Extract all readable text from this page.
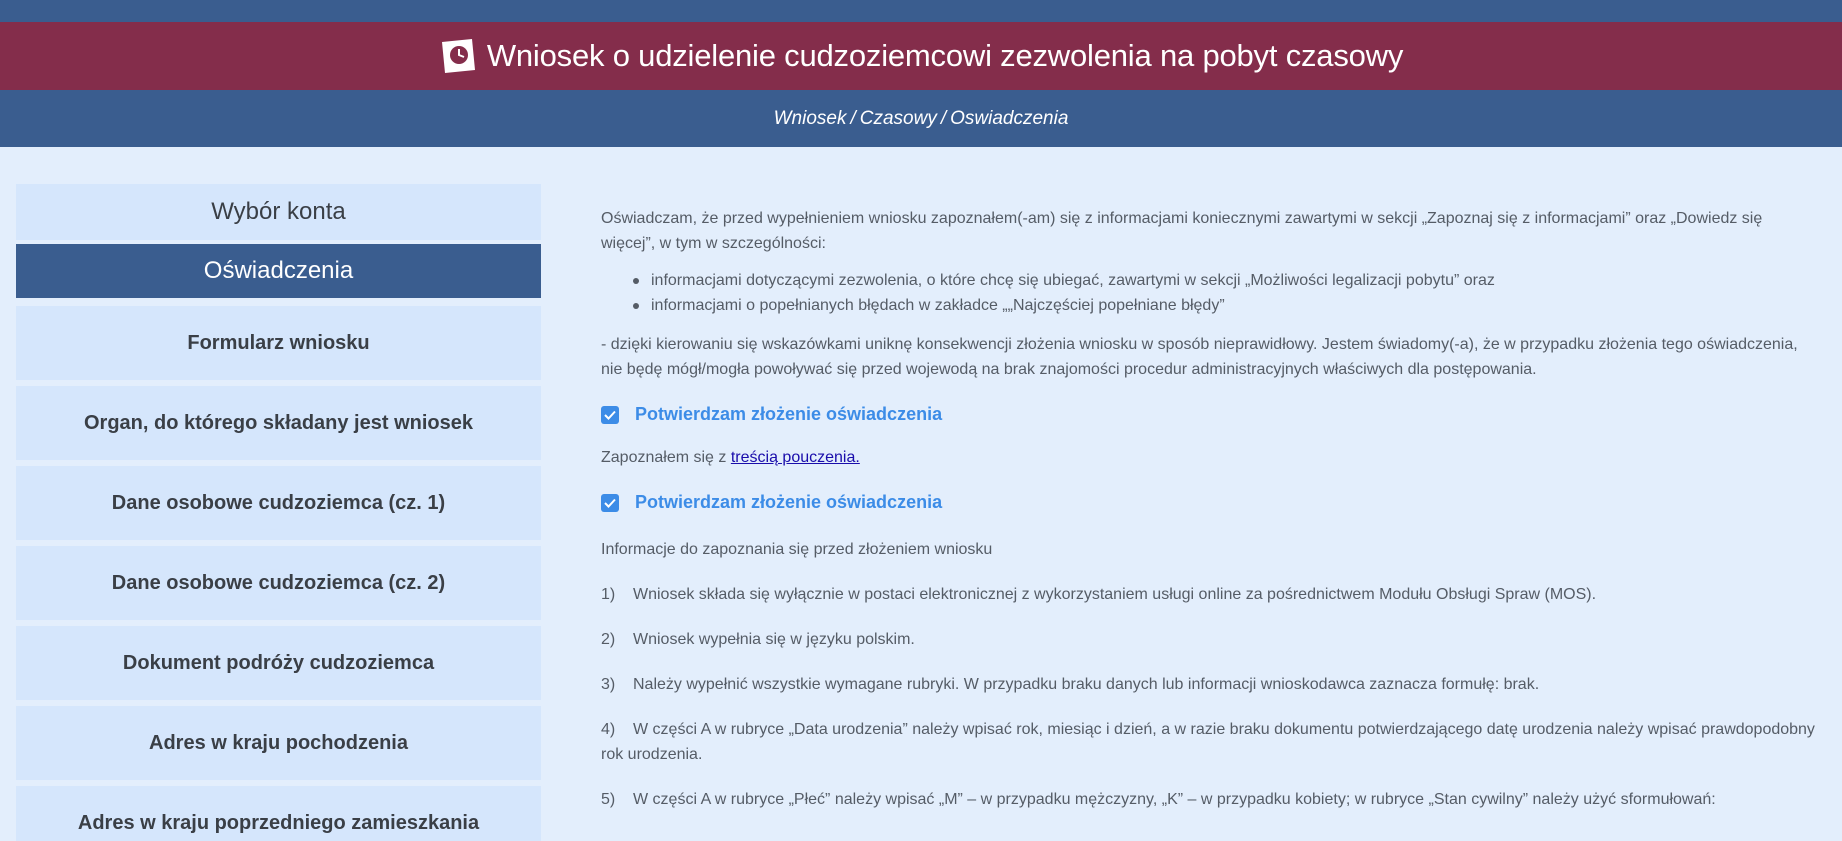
Wniosek o udzielenie cudzoziemcowi zezwolenia na pobyt czasowy
Wniosek / Czasowy / Oswiadczenia
Wybór konta
Oświadczenia
Formularz wniosku
Organ, do którego składany jest wniosek
Dane osobowe cudzoziemca (cz. 1)
Dane osobowe cudzoziemca (cz. 2)
Dokument podróży cudzoziemca
Adres w kraju pochodzenia
Adres w kraju poprzedniego zamieszkania

Oświadczam, że przed wypełnieniem wniosku zapoznałem(-am) się z informacjami koniecznymi zawartymi w sekcji „Zapoznaj się z informacjami” oraz „Dowiedz się więcej”, w tym w szczególności:

informacjami dotyczącymi zezwolenia, o które chcę się ubiegać, zawartymi w sekcji „Możliwości legalizacji pobytu” oraz
informacjami o popełnianych błędach w zakładce „„Najczęściej popełniane błędy”

- dzięki kierowaniu się wskazówkami uniknę konsekwencji złożenia wniosku w sposób nieprawidłowy. Jestem świadomy(-a), że w przypadku złożenia tego oświadczenia, nie będę mógł/mogła powoływać się przed wojewodą na brak znajomości procedur administracyjnych właściwych dla postępowania.

Potwierdzam złożenie oświadczenia

Zapoznałem się z treścią pouczenia.

Potwierdzam złożenie oświadczenia

Informacje do zapoznania się przed złożeniem wniosku

1) Wniosek składa się wyłącznie w postaci elektronicznej z wykorzystaniem usługi online za pośrednictwem Modułu Obsługi Spraw (MOS).
2) Wniosek wypełnia się w języku polskim.
3) Należy wypełnić wszystkie wymagane rubryki. W przypadku braku danych lub informacji wnioskodawca zaznacza formułę: brak.
4) W części A w rubryce „Data urodzenia” należy wpisać rok, miesiąc i dzień, a w razie braku dokumentu potwierdzającego datę urodzenia należy wpisać prawdopodobny rok urodzenia.
5) W części A w rubryce „Płeć” należy wpisać „M” – w przypadku mężczyzny, „K” – w przypadku kobiety; w rubryce „Stan cywilny” należy użyć sformułowań:
